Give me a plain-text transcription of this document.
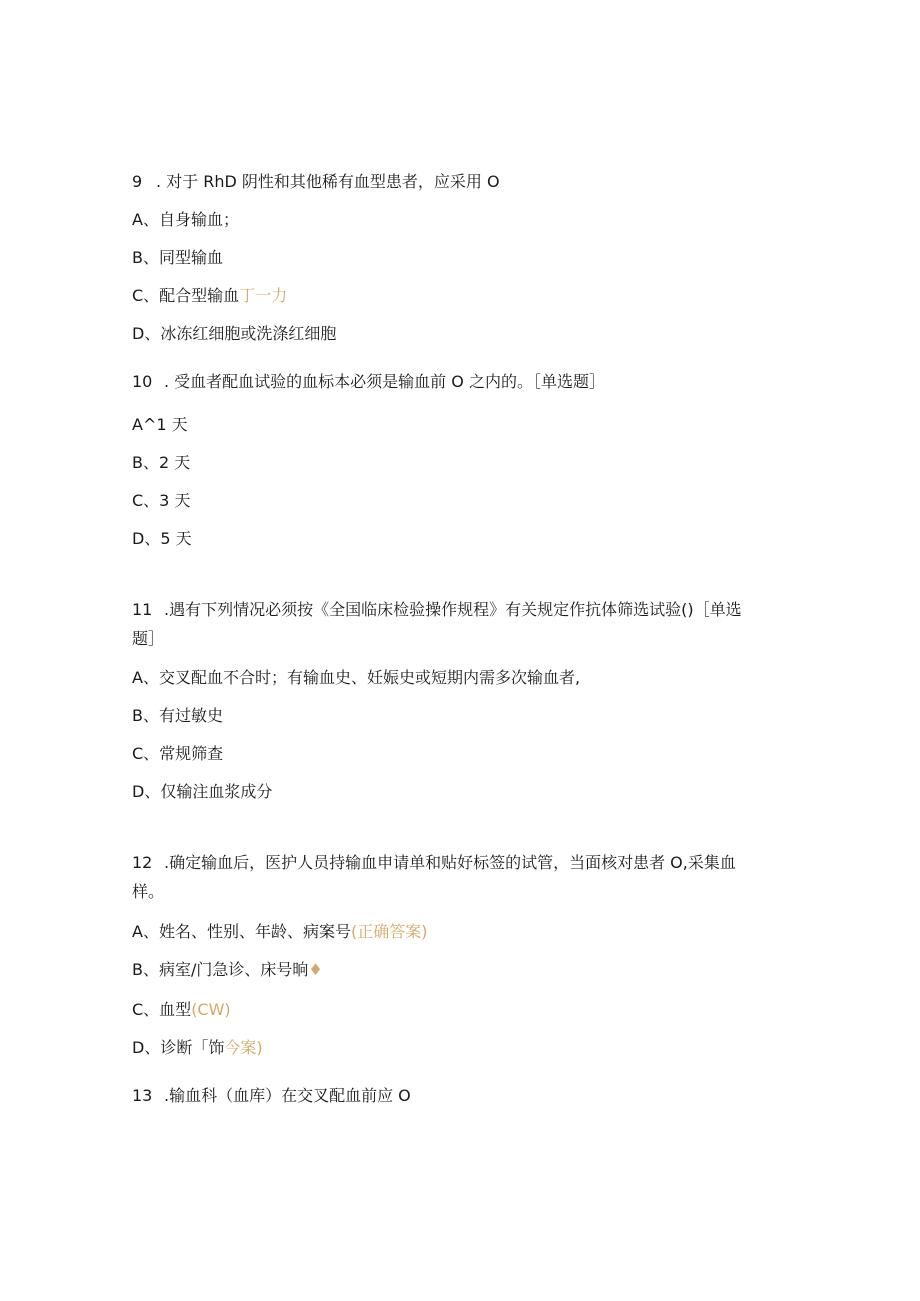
9 . 对于 RhD 阴性和其他稀有血型患者，应采用 O
A、自身输血；
B、同型输血
C、配合型输血丁一力
D、冰冻红细胞或洗涤红细胞
10 . 受血者配血试验的血标本必须是输血前 O 之内的。［单选题］
A^1 天
B、2 天
C、3 天
D、5 天
11 .遇有下列情况必须按《全国临床检验操作规程》有关规定作抗体筛选试验()［单选
题］
A、交叉配血不合时；有输血史、妊娠史或短期内需多次输血者,
B、有过敏史
C、常规筛查
D、仅输注血浆成分
12 .确定输血后，医护人员持输血申请单和贴好标签的试管，当面核对患者 O,采集血
样。
A、姓名、性别、年龄、病案号(正确答案)
B、病室/门急诊、床号晌♦
C、血型(CW)
D、诊断「饰今案)
13 .输血科（血库）在交叉配血前应 O
